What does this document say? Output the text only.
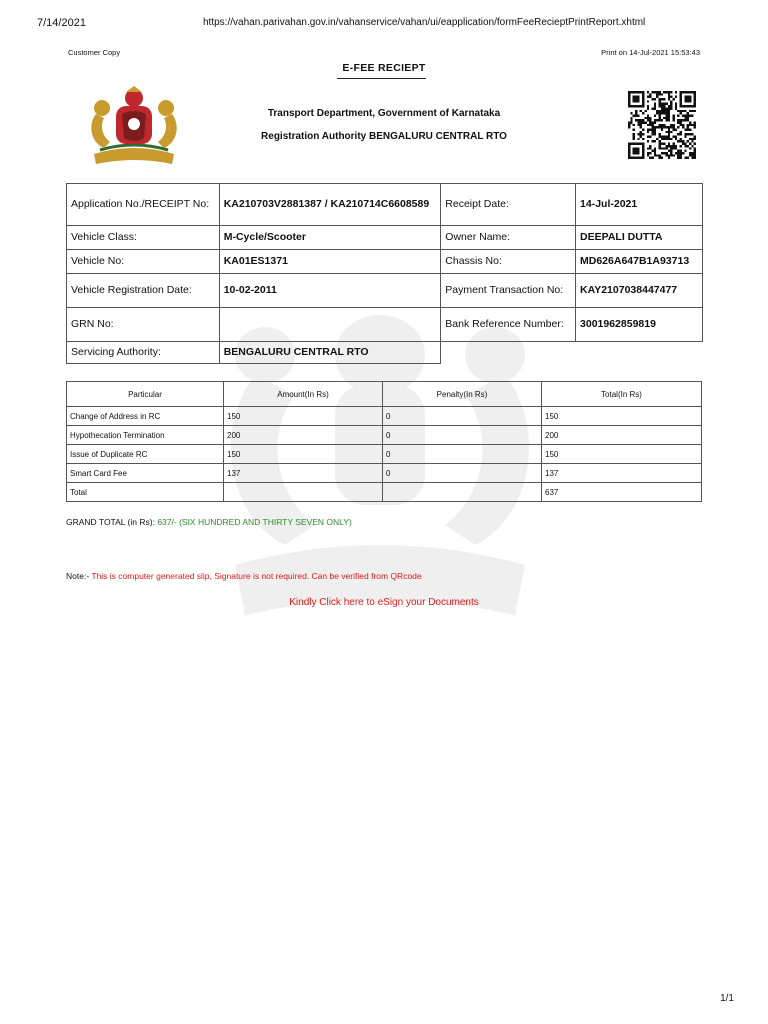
7/14/2021	https://vahan.parivahan.gov.in/vahanservice/vahan/ui/eapplication/formFeeRecieptPrintReport.xhtml
Customer Copy	Print on 14-Jul-2021 15:53:43
E-FEE RECIEPT
Transport Department, Government of Karnataka
Registration Authority BENGALURU CENTRAL RTO
Application No./RECEIPT No:	KA210703V2881387 / KA210714C6608589	Receipt Date:	14-Jul-2021
Vehicle Class:	M-Cycle/Scooter	Owner Name:	DEEPALI DUTTA
Vehicle No:	KA01ES1371	Chassis No:	MD626A647B1A93713
Vehicle Registration Date:	10-02-2011	Payment Transaction No:	KAY2107038447477
GRN No:		Bank Reference Number:	3001962859819
Servicing Authority:	BENGALURU CENTRAL RTO		
Particular	Amount(In Rs)	Penalty(In Rs)	Total(In Rs)
Change of Address in RC	150	0	150
Hypothecation Termination	200	0	200
Issue of Duplicate RC	150	0	150
Smart Card Fee	137	0	137
Total			637
GRAND TOTAL (in Rs): 637/- (SIX HUNDRED AND THIRTY SEVEN ONLY)
Note:- This is computer generated slip, Signature is not required. Can be verified from QRcode
Kindly Click here to eSign your Documents
1/1
